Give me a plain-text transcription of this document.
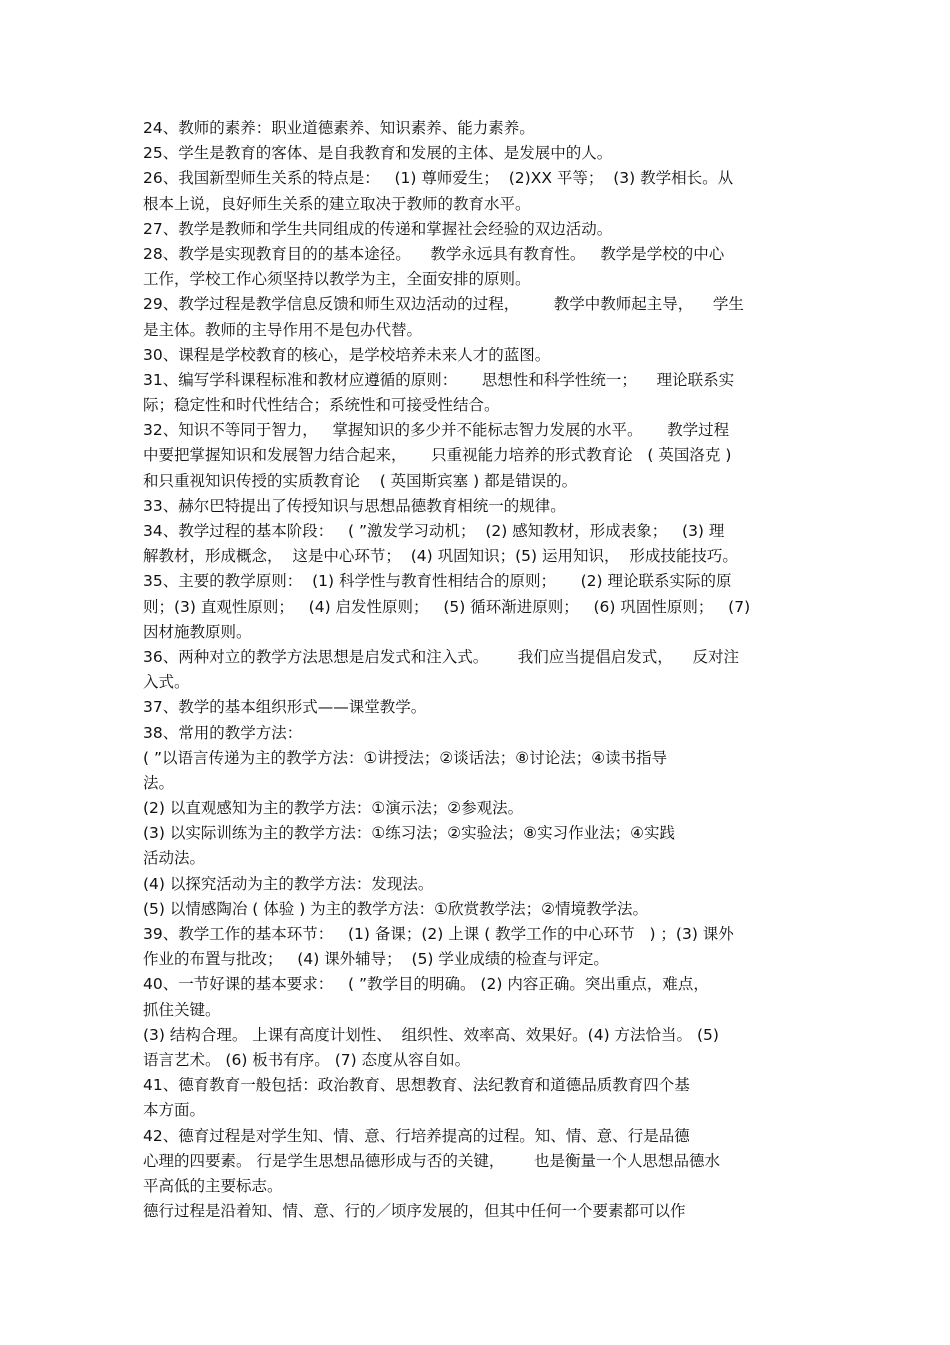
24、教师的素养：职业道德素养、知识素养、能力素养。
25、学生是教育的客体、是自我教育和发展的主体、是发展中的人。
26、我国新型师生关系的特点是：   (1) 尊师爱生；  (2)XX 平等；  (3) 教学相长。从
根本上说，良好师生关系的建立取决于教师的教育水平。
27、教学是教师和学生共同组成的传递和掌握社会经验的双边活动。
28、教学是实现教育目的的基本途径。    教学永远具有教育性。   教学是学校的中心
工作，学校工作心须坚持以教学为主，全面安排的原则。
29、教学过程是教学信息反馈和师生双边活动的过程，       教学中教师起主导，    学生
是主体。教师的主导作用不是包办代替。
30、课程是学校教育的核心，是学校培养未来人才的蓝图。
31、编写学科课程标准和教材应遵循的原则：     思想性和科学性统一；    理论联系实
际；稳定性和时代性结合；系统性和可接受性结合。
32、知识不等同于智力，   掌握知识的多少并不能标志智力发展的水平。     教学过程
中要把掌握知识和发展智力结合起来，     只重视能力培养的形式教育论   ( 英国洛克 )
和只重视知识传授的实质教育论    ( 英国斯宾塞 ) 都是错误的。
33、赫尔巴特提出了传授知识与思想品德教育相统一的规律。
34、教学过程的基本阶段：   ( ”激发学习动机；  (2) 感知教材，形成表象；   (3) 理
解教材，形成概念，  这是中心环节；  (4) 巩固知识；(5) 运用知识，  形成技能技巧。
35、主要的教学原则：  (1) 科学性与教育性相结合的原则；     (2) 理论联系实际的原
则；(3) 直观性原则；   (4) 启发性原则；   (5) 循环渐进原则；   (6) 巩固性原则；   (7)
因材施教原则。
36、两种对立的教学方法思想是启发式和注入式。      我们应当提倡启发式，    反对注
入式。
37、教学的基本组织形式——课堂教学。
38、常用的教学方法：
( ”以语言传递为主的教学方法：①讲授法；②谈话法；⑧讨论法；④读书指导
法。
(2) 以直观感知为主的教学方法：①演示法；②参观法。
(3) 以实际训练为主的教学方法：①练习法；②实验法；⑧实习作业法；④实践
活动法。
(4) 以探究活动为主的教学方法：发现法。
(5) 以情感陶冶 ( 体验 ) 为主的教学方法：①欣赏教学法；②情境教学法。
39、教学工作的基本环节：   (1) 备课；(2) 上课 ( 教学工作的中心环节   ) ；(3) 课外
作业的布置与批改；   (4) 课外辅导；  (5) 学业成绩的检查与评定。
40、一节好课的基本要求：   ( ”教学目的明确。 (2) 内容正确。突出重点，难点，
抓住关键。
(3) 结构合理。 上课有高度计划性、  组织性、效率高、效果好。(4) 方法恰当。 (5)
语言艺术。 (6) 板书有序。 (7) 态度从容自如。
41、德育教育一般包括：政治教育、思想教育、法纪教育和道德品质教育四个基
本方面。
42、德育过程是对学生知、情、意、行培养提高的过程。知、情、意、行是品德
心理的四要素。 行是学生思想品德形成与否的关键，      也是衡量一个人思想品德水
平高低的主要标志。
德行过程是沿着知、情、意、行的／顷序发展的，但其中任何一个要素都可以作
